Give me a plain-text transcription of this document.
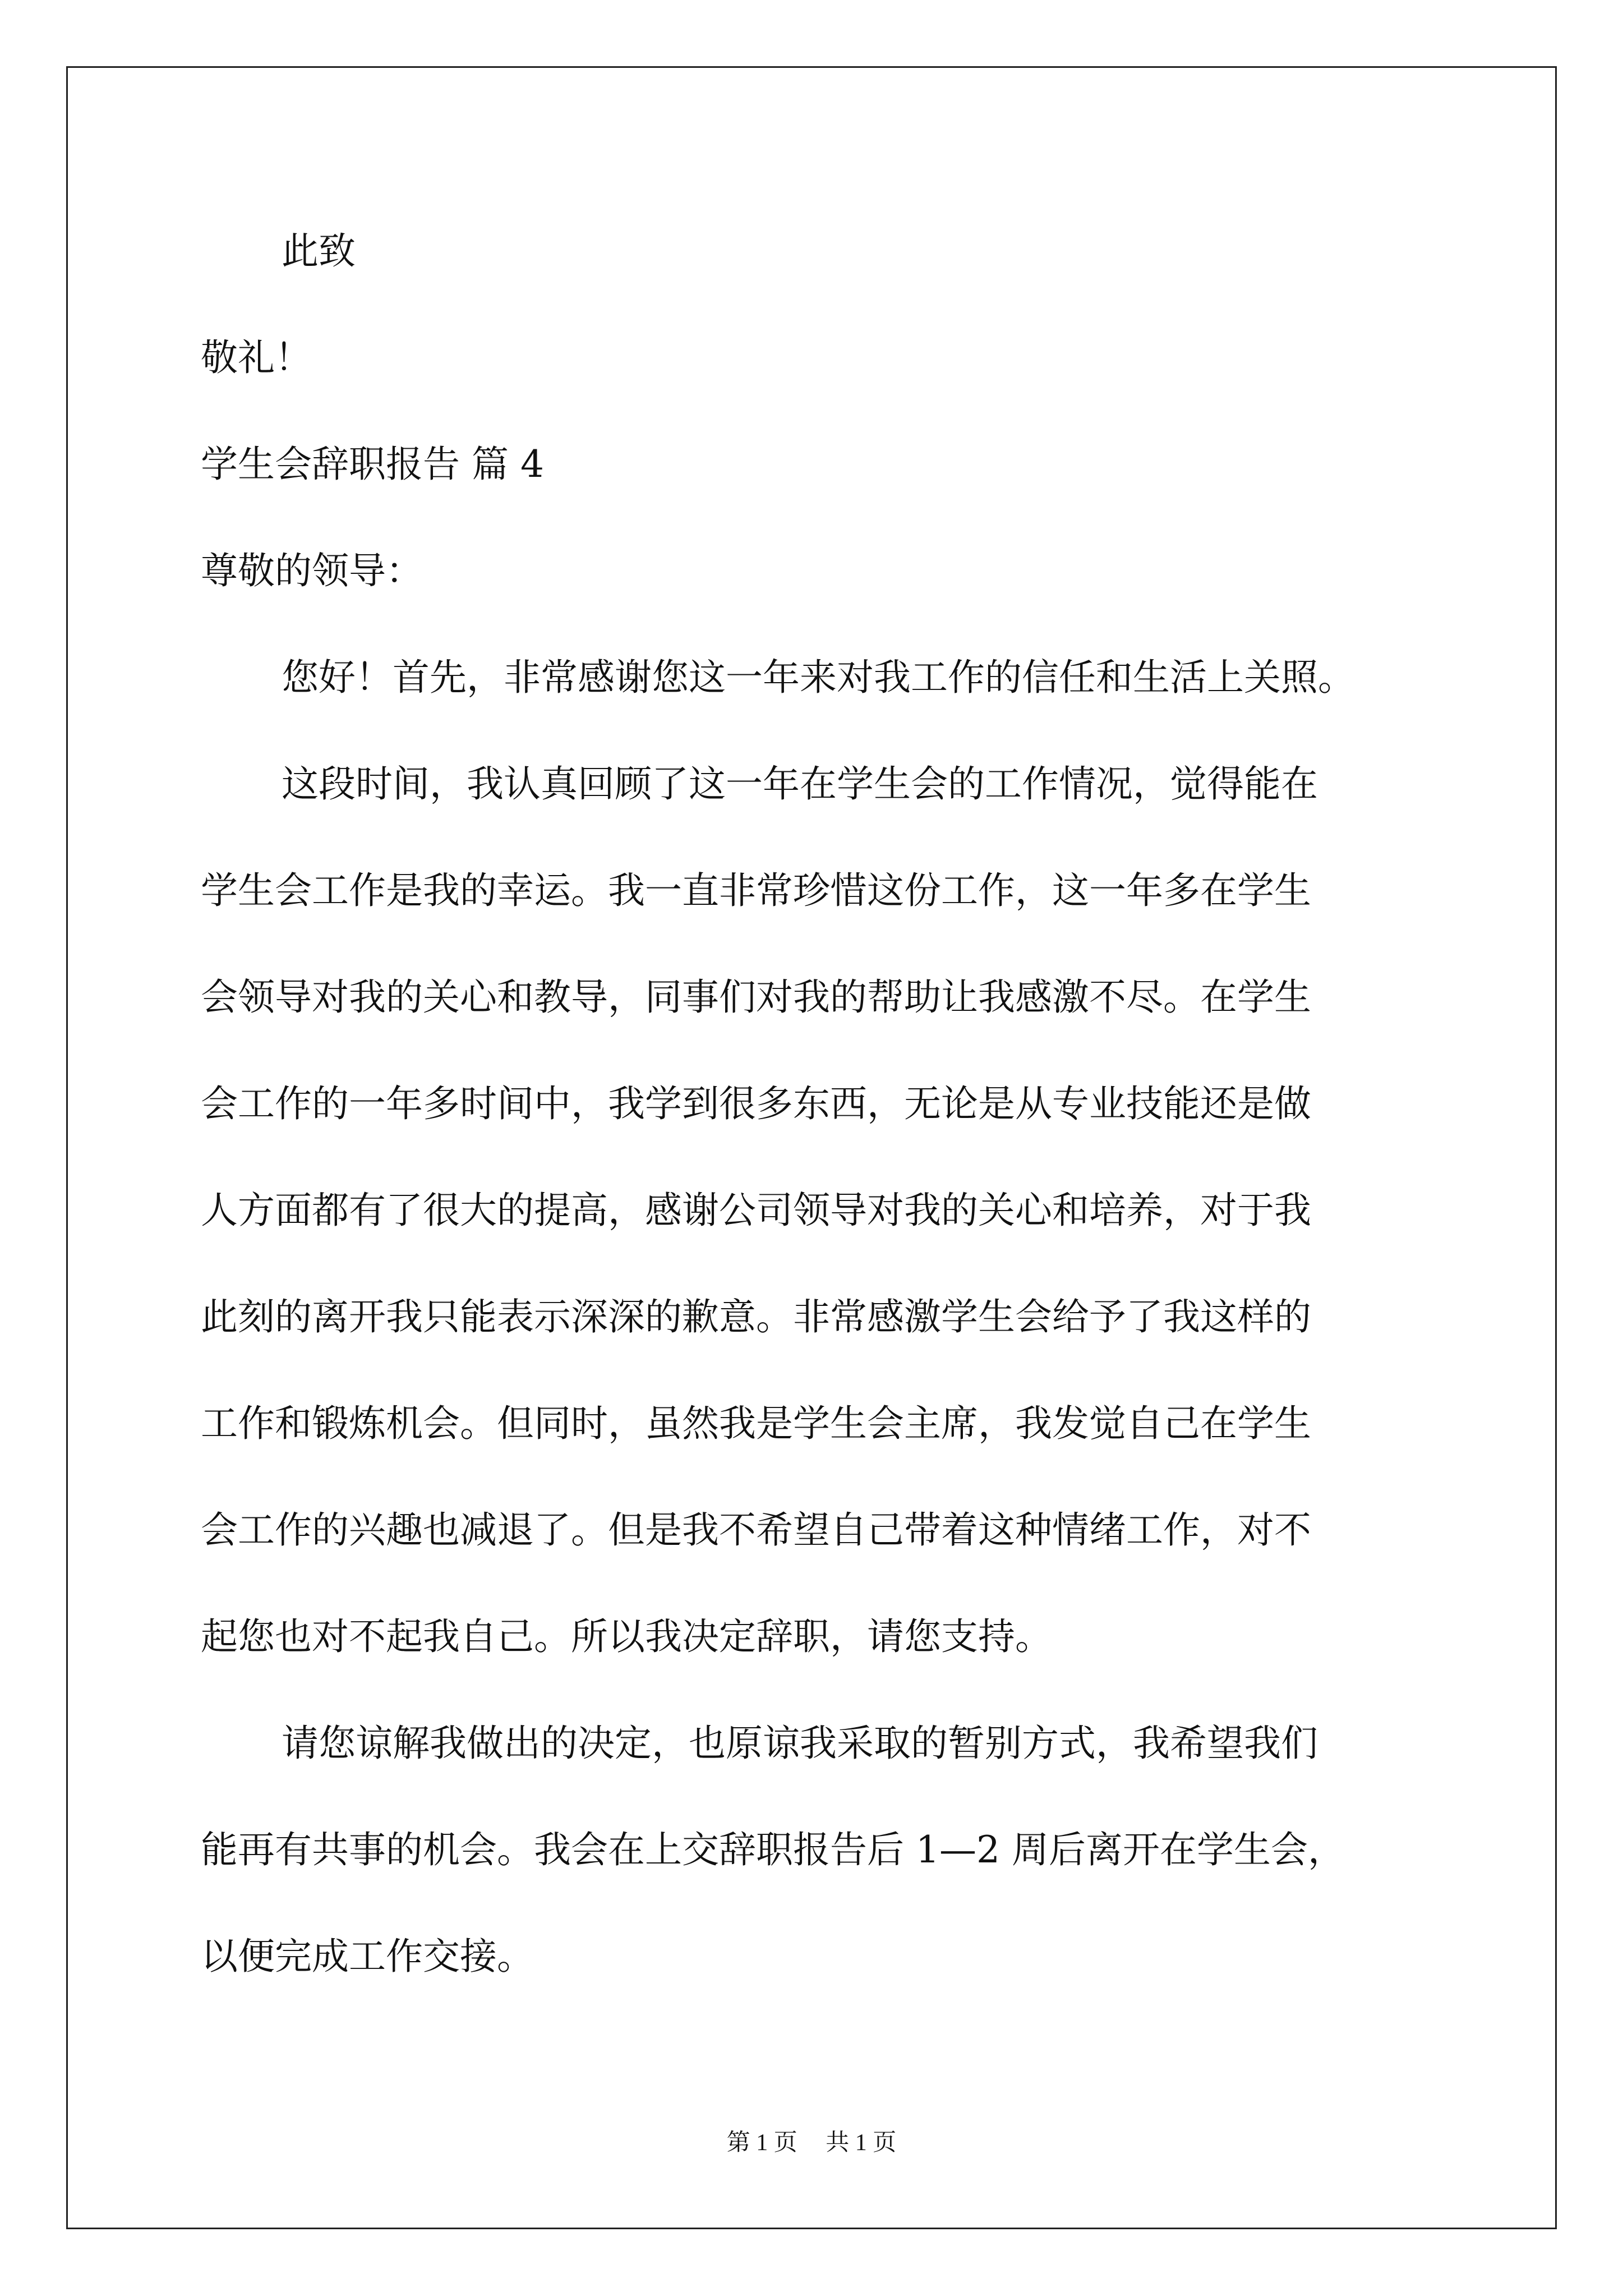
此致
敬礼！
学生会辞职报告 篇 4
尊敬的领导：
您好！首先，非常感谢您这一年来对我工作的信任和生活上关照。
这段时间，我认真回顾了这一年在学生会的工作情况，觉得能在
学生会工作是我的幸运。我一直非常珍惜这份工作，这一年多在学生
会领导对我的关心和教导，同事们对我的帮助让我感激不尽。在学生
会工作的一年多时间中，我学到很多东西，无论是从专业技能还是做
人方面都有了很大的提高，感谢公司领导对我的关心和培养，对于我
此刻的离开我只能表示深深的歉意。非常感激学生会给予了我这样的
工作和锻炼机会。但同时，虽然我是学生会主席，我发觉自己在学生
会工作的兴趣也减退了。但是我不希望自己带着这种情绪工作，对不
起您也对不起我自己。所以我决定辞职，请您支持。
请您谅解我做出的决定，也原谅我采取的暂别方式，我希望我们
能再有共事的机会。我会在上交辞职报告后 1—2 周后离开在学生会，
以便完成工作交接。
第 1 页 共 1 页
